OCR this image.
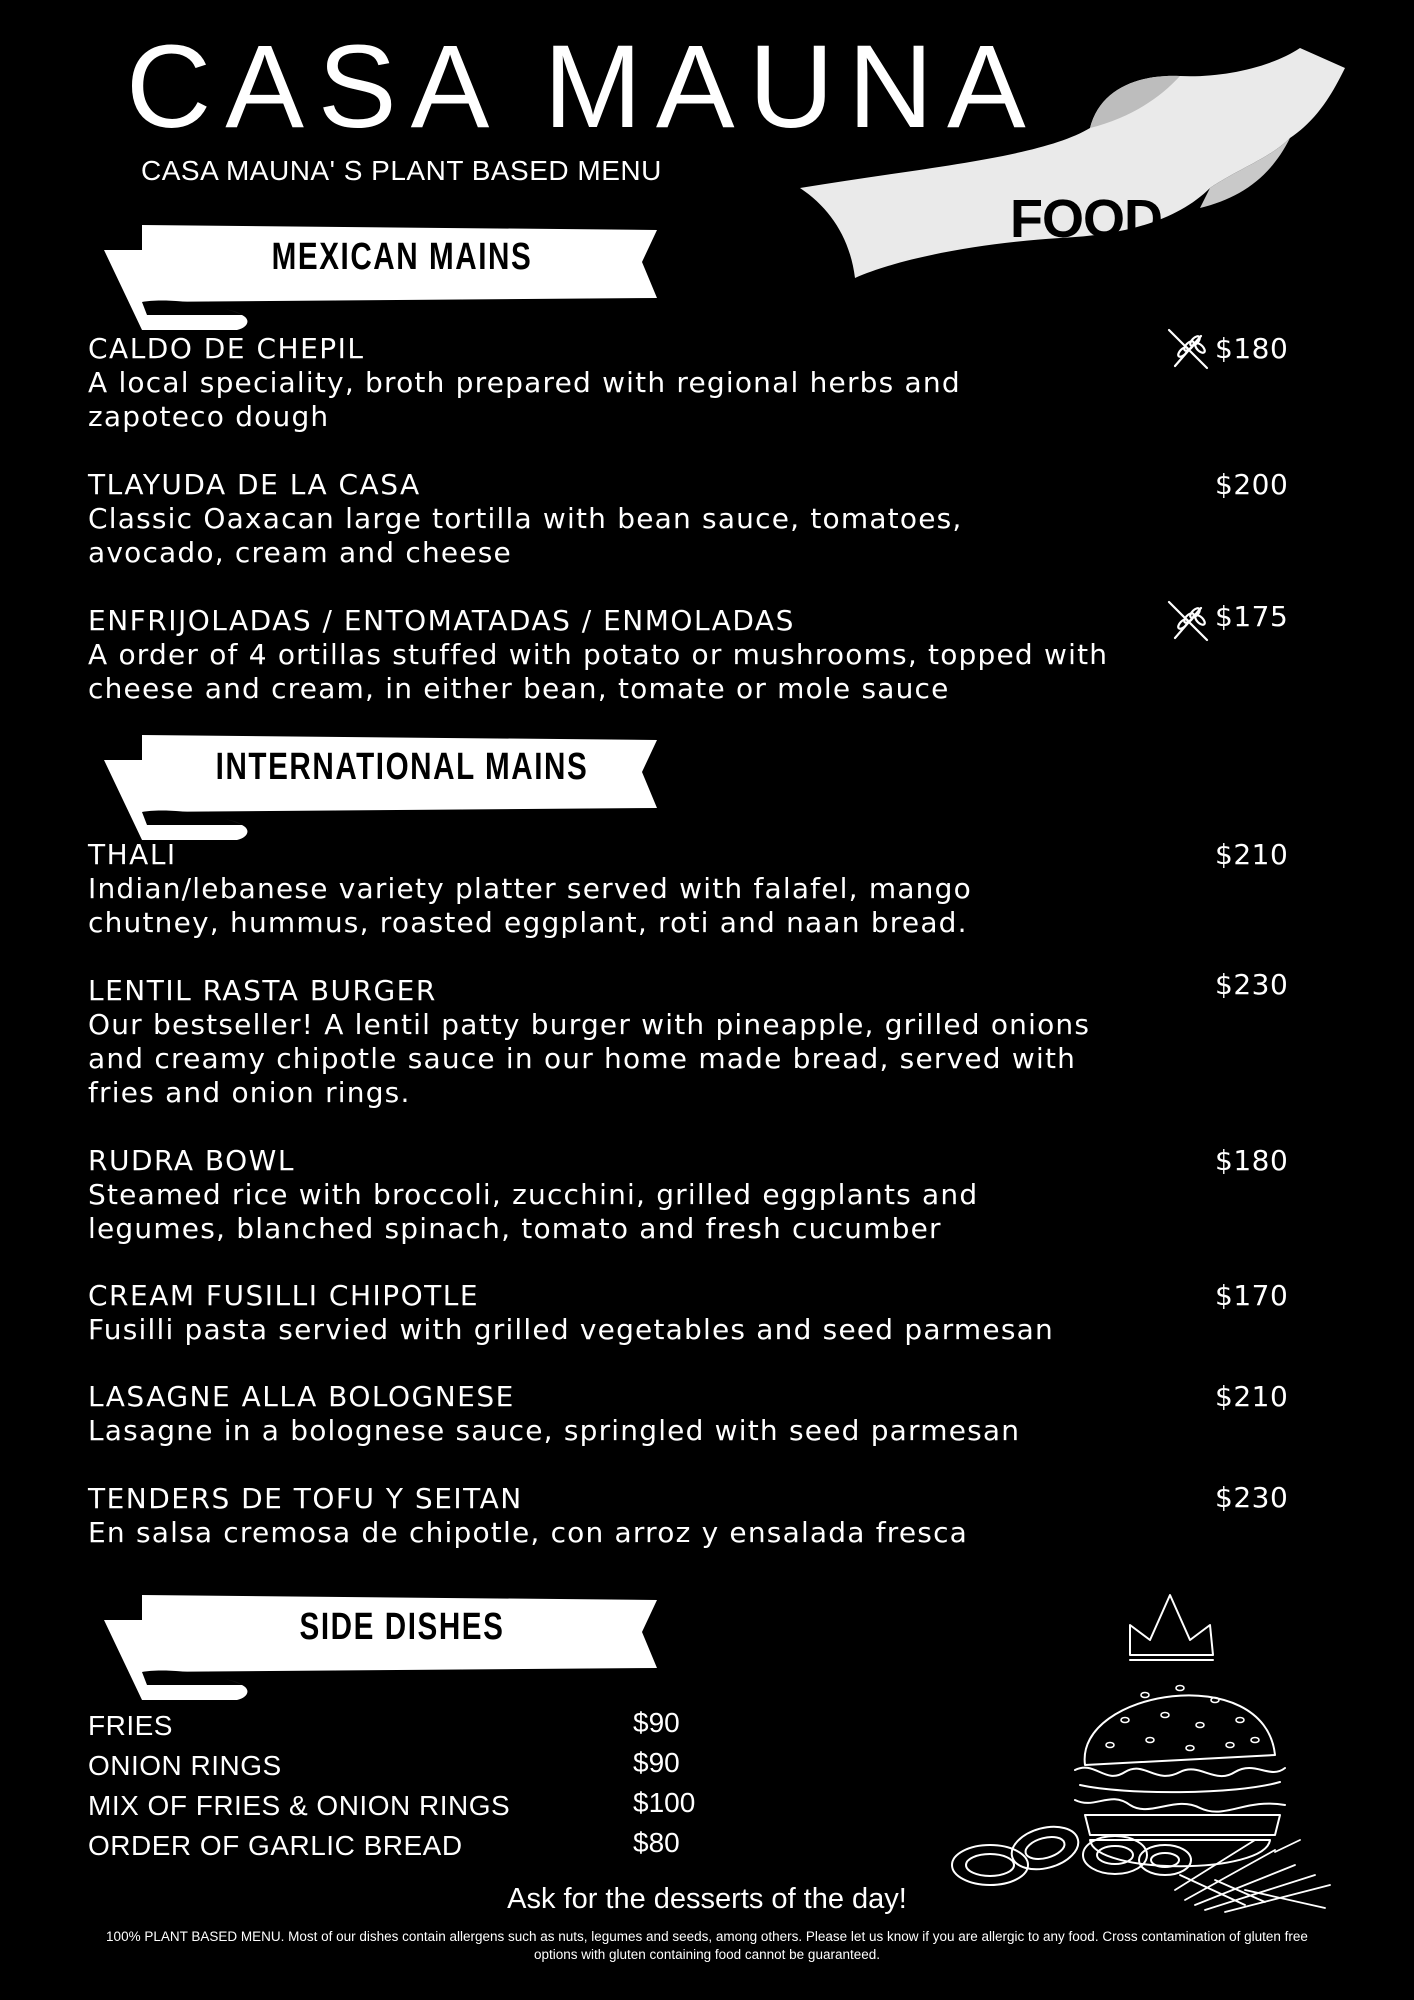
CASA MAUNA
CASA MAUNA' S PLANT BASED MENU
FOOD
MEXICAN MAINS
CALDO DE CHEPIL
A local speciality, broth prepared with regional herbs and zapoteco dough
$180
TLAYUDA DE LA CASA
Classic Oaxacan large tortilla with bean sauce, tomatoes, avocado, cream and cheese
$200
ENFRIJOLADAS / ENTOMATADAS / ENMOLADAS
A order of 4 ortillas stuffed with potato or mushrooms, topped with cheese and cream, in either bean, tomate or mole sauce
$175
INTERNATIONAL MAINS
THALI
Indian/lebanese variety platter served with falafel, mango chutney, hummus, roasted eggplant, roti and naan bread.
$210
LENTIL RASTA BURGER
Our bestseller! A lentil patty burger with pineapple, grilled onions and creamy chipotle sauce in our home made bread, served with fries and onion rings.
$230
RUDRA BOWL
Steamed rice with broccoli, zucchini, grilled eggplants and legumes, blanched spinach, tomato and fresh cucumber
$180
CREAM FUSILLI CHIPOTLE
Fusilli pasta servied with grilled vegetables and seed parmesan
$170
LASAGNE ALLA BOLOGNESE
Lasagne in a bolognese sauce, springled with seed parmesan
$210
TENDERS DE TOFU Y SEITAN
En salsa cremosa de chipotle, con arroz y ensalada fresca
$230
SIDE DISHES
FRIES	$90
ONION RINGS	$90
MIX OF FRIES & ONION RINGS	$100
ORDER OF GARLIC BREAD	$80
Ask for the desserts of the day!
100% PLANT BASED MENU. Most of our dishes contain allergens such as nuts, legumes and seeds, among others. Please let us know if you are allergic to any food. Cross contamination of gluten free options with gluten containing food cannot be guaranteed.
